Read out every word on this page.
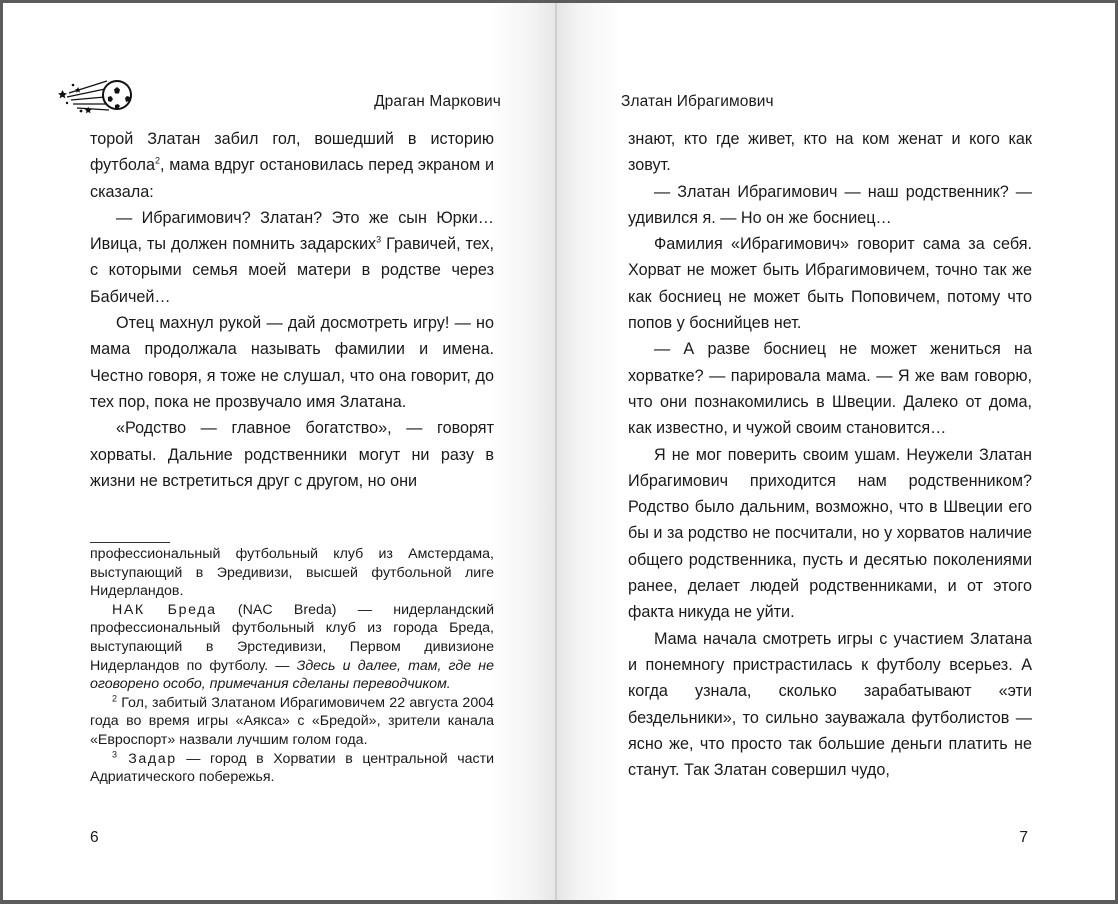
Драган Маркович

торой Златан забил гол, вошедший в историю футбола$^2$, мама вдруг остановилась перед экраном и сказала:

— Ибрагимович? Златан? Это же сын Юрки… Ивица, ты должен помнить задарских$^3$ Гравичей, тех, с которыми семья моей матери в родстве через Бабичей…

Отец махнул рукой — дай досмотреть игру! — но мама продолжала называть фамилии и имена. Честно говоря, я тоже не слушал, что она говорит, до тех пор, пока не прозвучало имя Златана.

«Родство — главное богатство», — говорят хорваты. Дальние родственники могут ни разу в жизни не встретиться друг с другом, но они

профессиональный футбольный клуб из Амстердама, выступающий в Эредивизи, высшей футбольной лиге Нидерландов.

НАК Бреда (NAC Breda) — нидерландский профессиональный футбольный клуб из города Бреда, выступающий в Эрстедивизи, Первом дивизионе Нидерландов по футболу. — Здесь и далее, там, где не оговорено особо, примечания сделаны переводчиком.

$^2$ Гол, забитый Златаном Ибрагимовичем 22 августа 2004 года во время игры «Аякса» с «Бредой», зрители канала «Евроспорт» назвали лучшим голом года.

$^3$ Задар — город в Хорватии в центральной части Адриатического побережья.

6
Златан Ибрагимович

знают, кто где живет, кто на ком женат и кого как зовут.

— Златан Ибрагимович — наш родственник? — удивился я. — Но он же босниец…

Фамилия «Ибрагимович» говорит сама за себя. Хорват не может быть Ибрагимовичем, точно так же как босниец не может быть Поповичем, потому что попов у боснийцев нет.

— А разве босниец не может жениться на хорватке? — парировала мама. — Я же вам говорю, что они познакомились в Швеции. Далеко от дома, как известно, и чужой своим становится…

Я не мог поверить своим ушам. Неужели Златан Ибрагимович приходится нам родственником? Родство было дальним, возможно, что в Швеции его бы и за родство не посчитали, но у хорватов наличие общего родственника, пусть и десятью поколениями ранее, делает людей родственниками, и от этого факта никуда не уйти.

Мама начала смотреть игры с участием Златана и понемногу пристрастилась к футболу всерьез. А когда узнала, сколько зарабатывают «эти бездельники», то сильно зауважала футболистов — ясно же, что просто так большие деньги платить не станут. Так Златан совершил чудо,

7
